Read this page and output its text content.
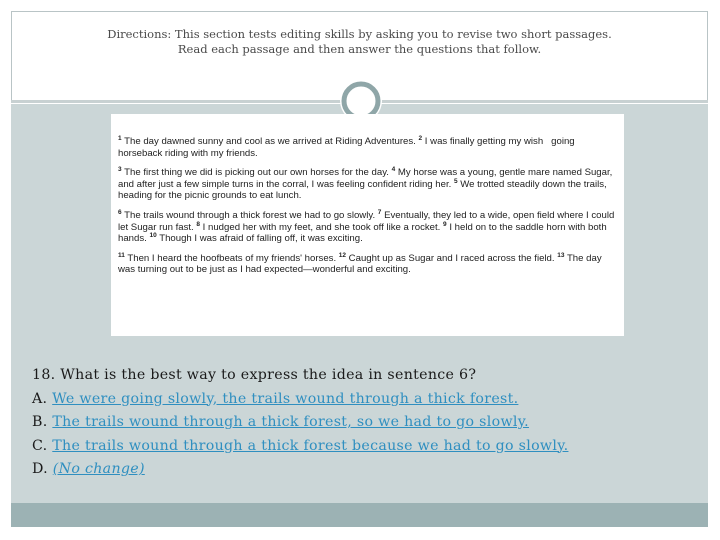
Directions: This section tests editing skills by asking you to revise two short passages.
Read each passage and then answer the questions that follow.
$^1$ The day dawned sunny and cool as we arrived at Riding Adventures. $^2$ I was finally getting my wish   going horseback riding with my friends.
$^3$ The first thing we did is picking out our own horses for the day. $^4$ My horse was a young, gentle mare named Sugar, and after just a few simple turns in the corral, I was feeling confident riding her. $^5$ We trotted steadily down the trails, heading for the picnic grounds to eat lunch.
$^6$ The trails wound through a thick forest we had to go slowly. $^7$ Eventually, they led to a wide, open field where I could let Sugar run fast. $^8$ I nudged her with my feet, and she took off like a rocket. $^9$ I held on to the saddle horn with both hands. $^{10}$ Though I was afraid of falling off, it was exciting.
$^{11}$ Then I heard the hoofbeats of my friends' horses. $^{12}$ Caught up as Sugar and I raced across the field. $^{13}$ The day was turning out to be just as I had expected—wonderful and exciting.
18. What is the best way to express the idea in sentence 6?
A. We were going slowly, the trails wound through a thick forest.
B. The trails wound through a thick forest, so we had to go slowly.
C. The trails wound through a thick forest because we had to go slowly.
D. (No change)
